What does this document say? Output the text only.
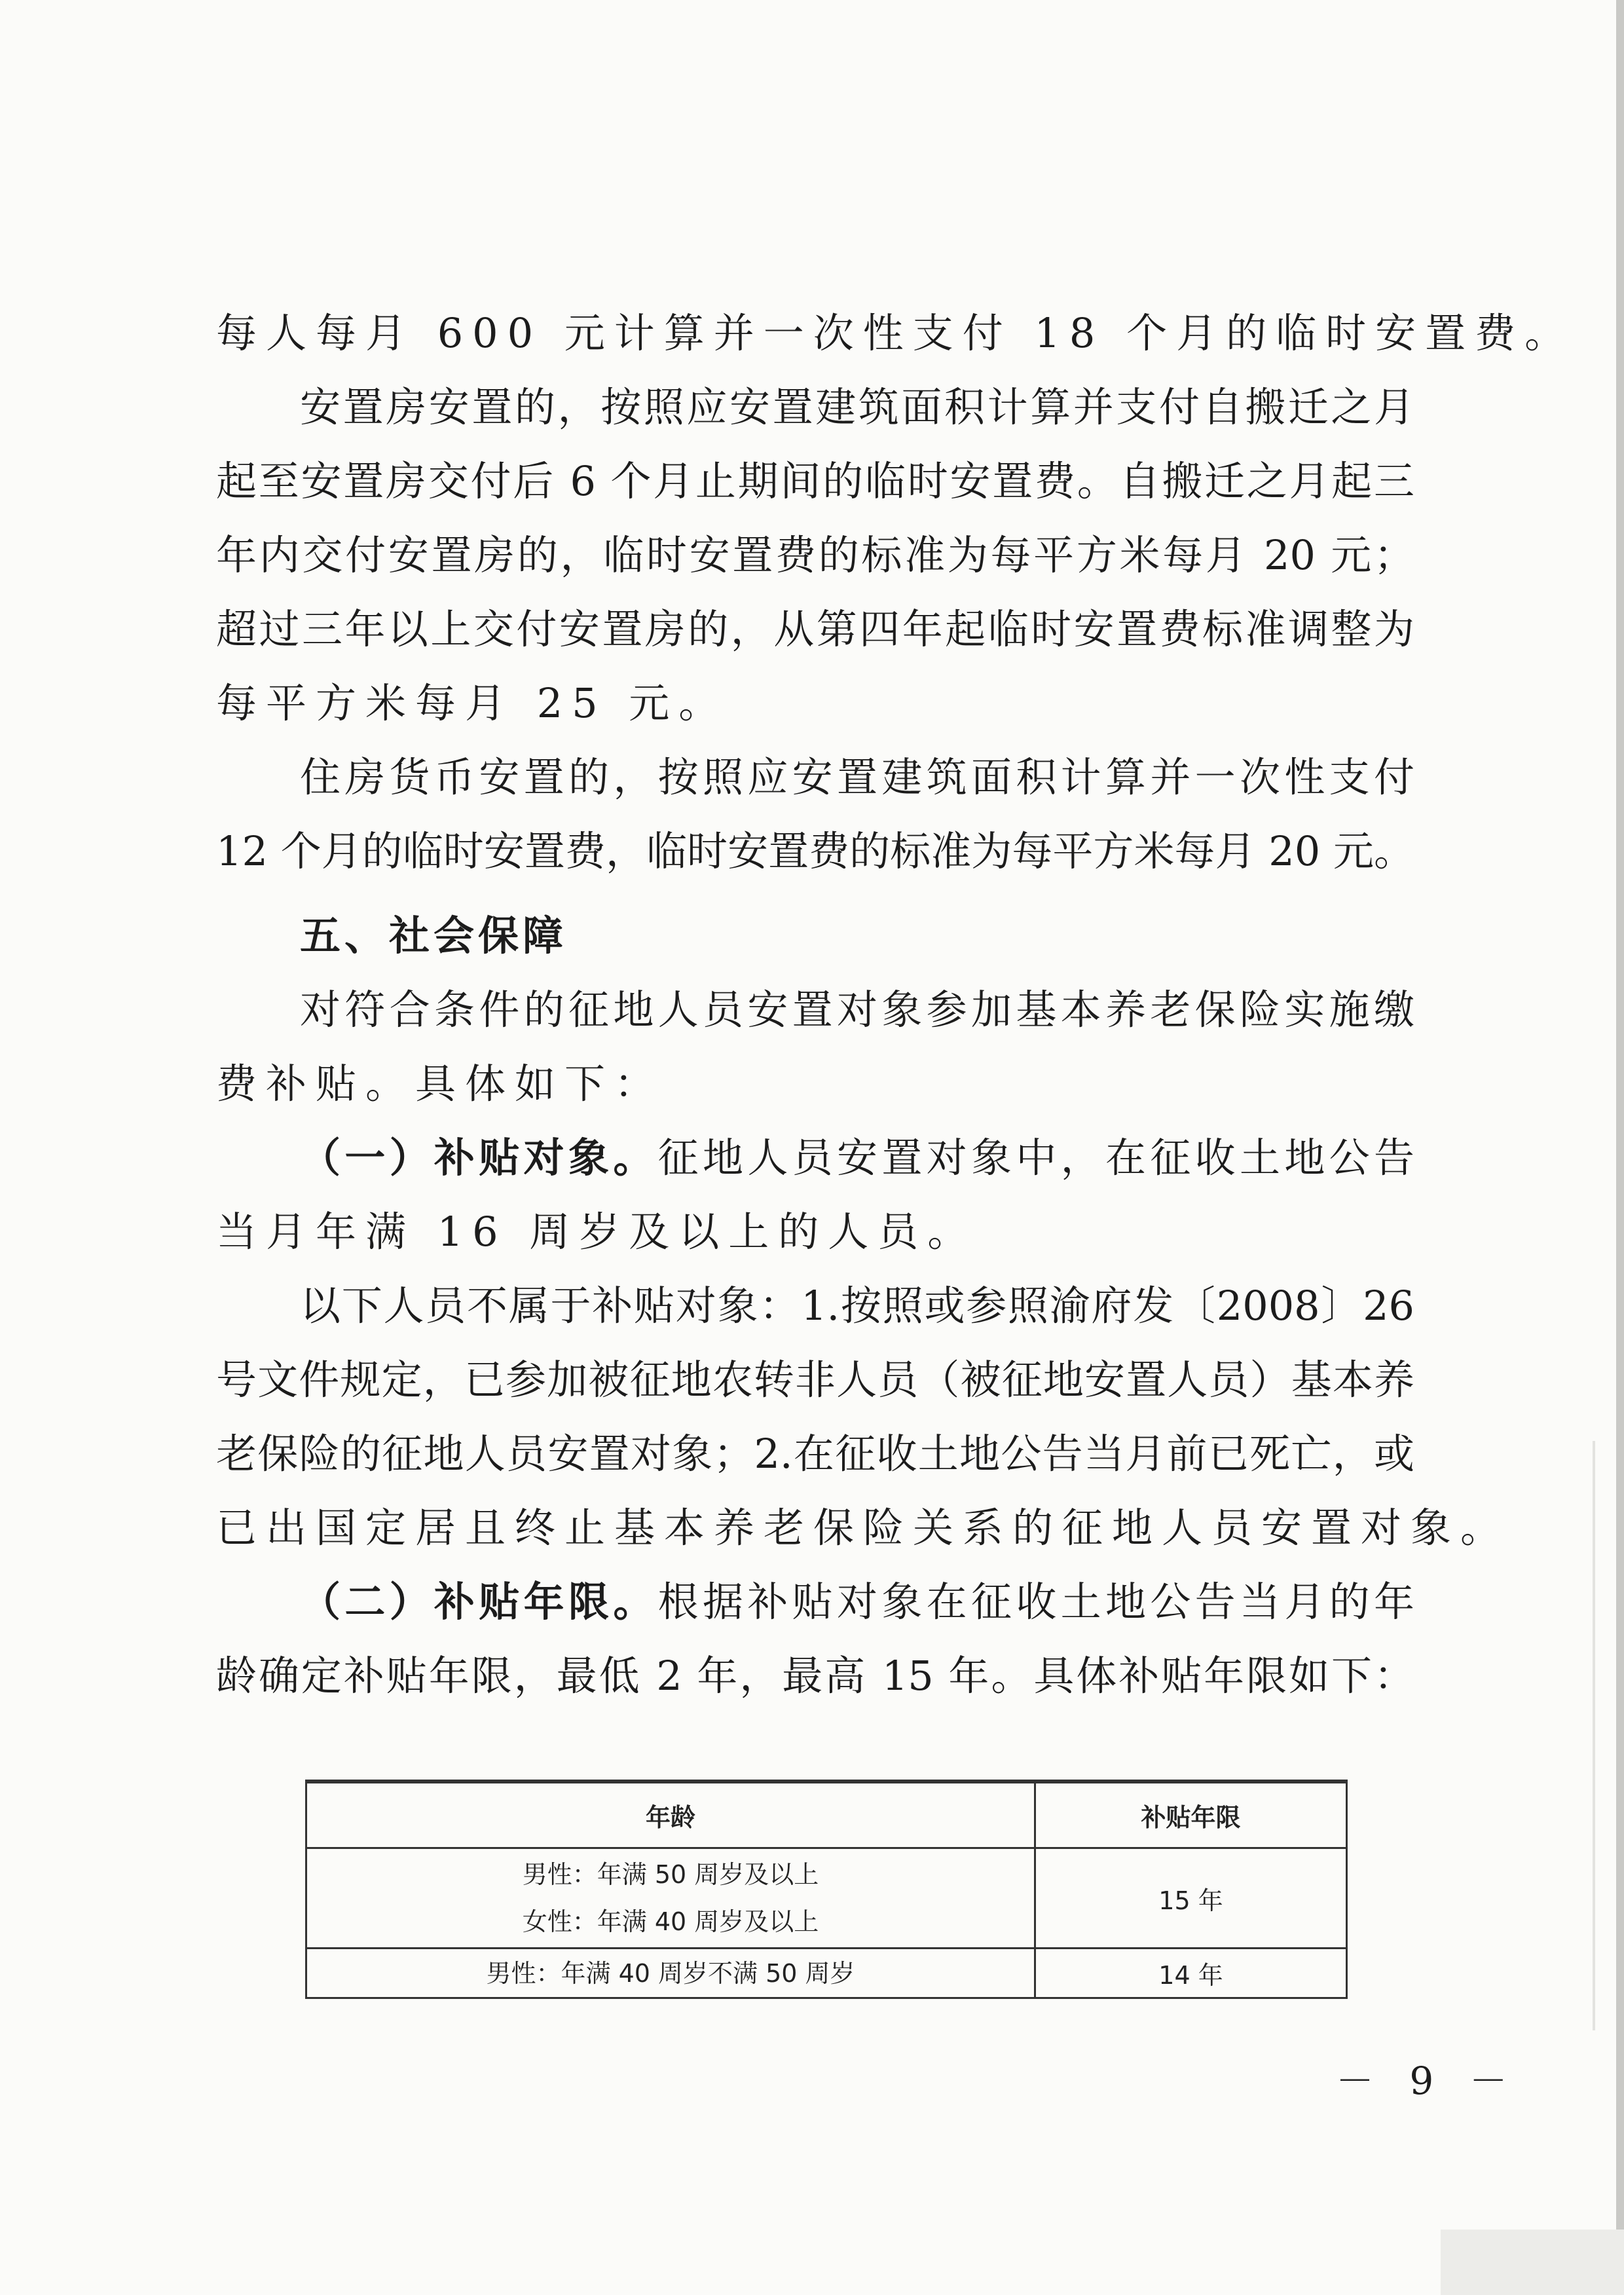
每人每月 600 元计算并一次性支付 18 个月的临时安置费。
安置房安置的，按照应安置建筑面积计算并支付自搬迁之月
起至安置房交付后 6 个月止期间的临时安置费。自搬迁之月起三
年内交付安置房的，临时安置费的标准为每平方米每月 20 元；
超过三年以上交付安置房的，从第四年起临时安置费标准调整为
每平方米每月 25 元。
住房货币安置的，按照应安置建筑面积计算并一次性支付
12 个月的临时安置费，临时安置费的标准为每平方米每月 20 元。
五、社会保障
对符合条件的征地人员安置对象参加基本养老保险实施缴
费补贴。具体如下：
（一）补贴对象。征地人员安置对象中，在征收土地公告
当月年满 16 周岁及以上的人员。
以下人员不属于补贴对象：1.按照或参照渝府发〔2008〕26
号文件规定，已参加被征地农转非人员（被征地安置人员）基本养
老保险的征地人员安置对象；2.在征收土地公告当月前已死亡，或
已出国定居且终止基本养老保险关系的征地人员安置对象。
（二）补贴年限。根据补贴对象在征收土地公告当月的年
龄确定补贴年限，最低 2 年，最高 15 年。具体补贴年限如下：
年龄	补贴年限

男性：年满 50 周岁及以上
女性：年满 40 周岁及以上	15 年

男性：年满 40 周岁不满 50 周岁	14 年
－ 9 －
